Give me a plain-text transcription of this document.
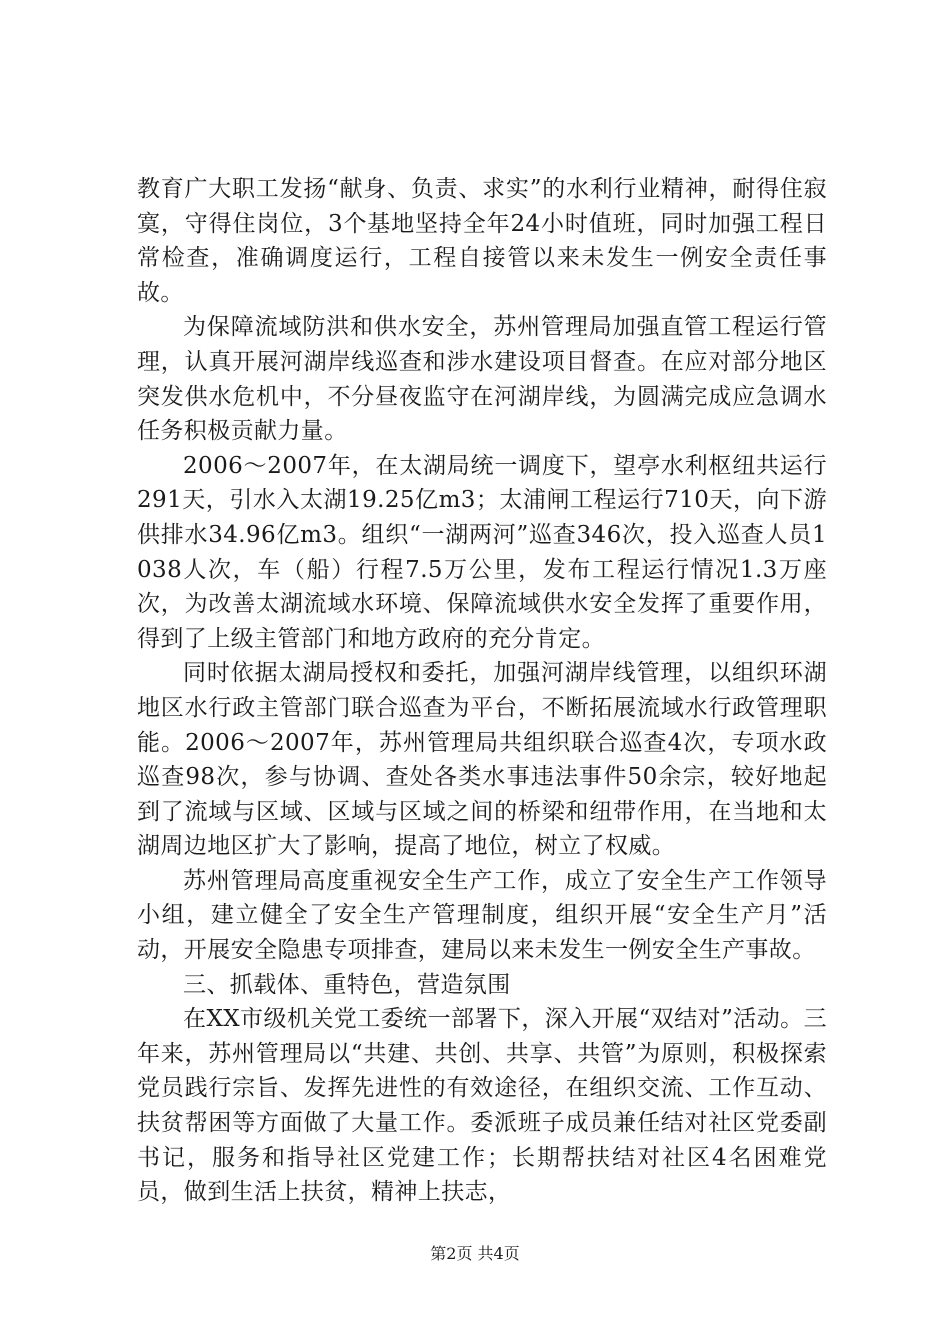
教育广大职工发扬“献身、负责、求实”的水利行业精神，耐得住寂寞，守得住岗位，3个基地坚持全年24小时值班，同时加强工程日常检查，准确调度运行，工程自接管以来未发生一例安全责任事故。

为保障流域防洪和供水安全，苏州管理局加强直管工程运行管理，认真开展河湖岸线巡查和涉水建设项目督查。在应对部分地区突发供水危机中，不分昼夜监守在河湖岸线，为圆满完成应急调水任务积极贡献力量。

2006～2007年，在太湖局统一调度下，望亭水利枢纽共运行291天，引水入太湖19.25亿m3；太浦闸工程运行710天，向下游供排水34.96亿m3。组织“一湖两河”巡查346次，投入巡查人员1038人次，车（船）行程7.5万公里，发布工程运行情况1.3万座次，为改善太湖流域水环境、保障流域供水安全发挥了重要作用，得到了上级主管部门和地方政府的充分肯定。

同时依据太湖局授权和委托，加强河湖岸线管理，以组织环湖地区水行政主管部门联合巡查为平台，不断拓展流域水行政管理职能。2006～2007年，苏州管理局共组织联合巡查4次，专项水政巡查98次，参与协调、查处各类水事违法事件50余宗，较好地起到了流域与区域、区域与区域之间的桥梁和纽带作用，在当地和太湖周边地区扩大了影响，提高了地位，树立了权威。

苏州管理局高度重视安全生产工作，成立了安全生产工作领导小组，建立健全了安全生产管理制度，组织开展“安全生产月”活动，开展安全隐患专项排查，建局以来未发生一例安全生产事故。

三、抓载体、重特色，营造氛围

在XX市级机关党工委统一部署下，深入开展“双结对”活动。三年来，苏州管理局以“共建、共创、共享、共管”为原则，积极探索党员践行宗旨、发挥先进性的有效途径，在组织交流、工作互动、扶贫帮困等方面做了大量工作。委派班子成员兼任结对社区党委副书记，服务和指导社区党建工作；长期帮扶结对社区4名困难党员，做到生活上扶贫，精神上扶志，

第2页 共4页
